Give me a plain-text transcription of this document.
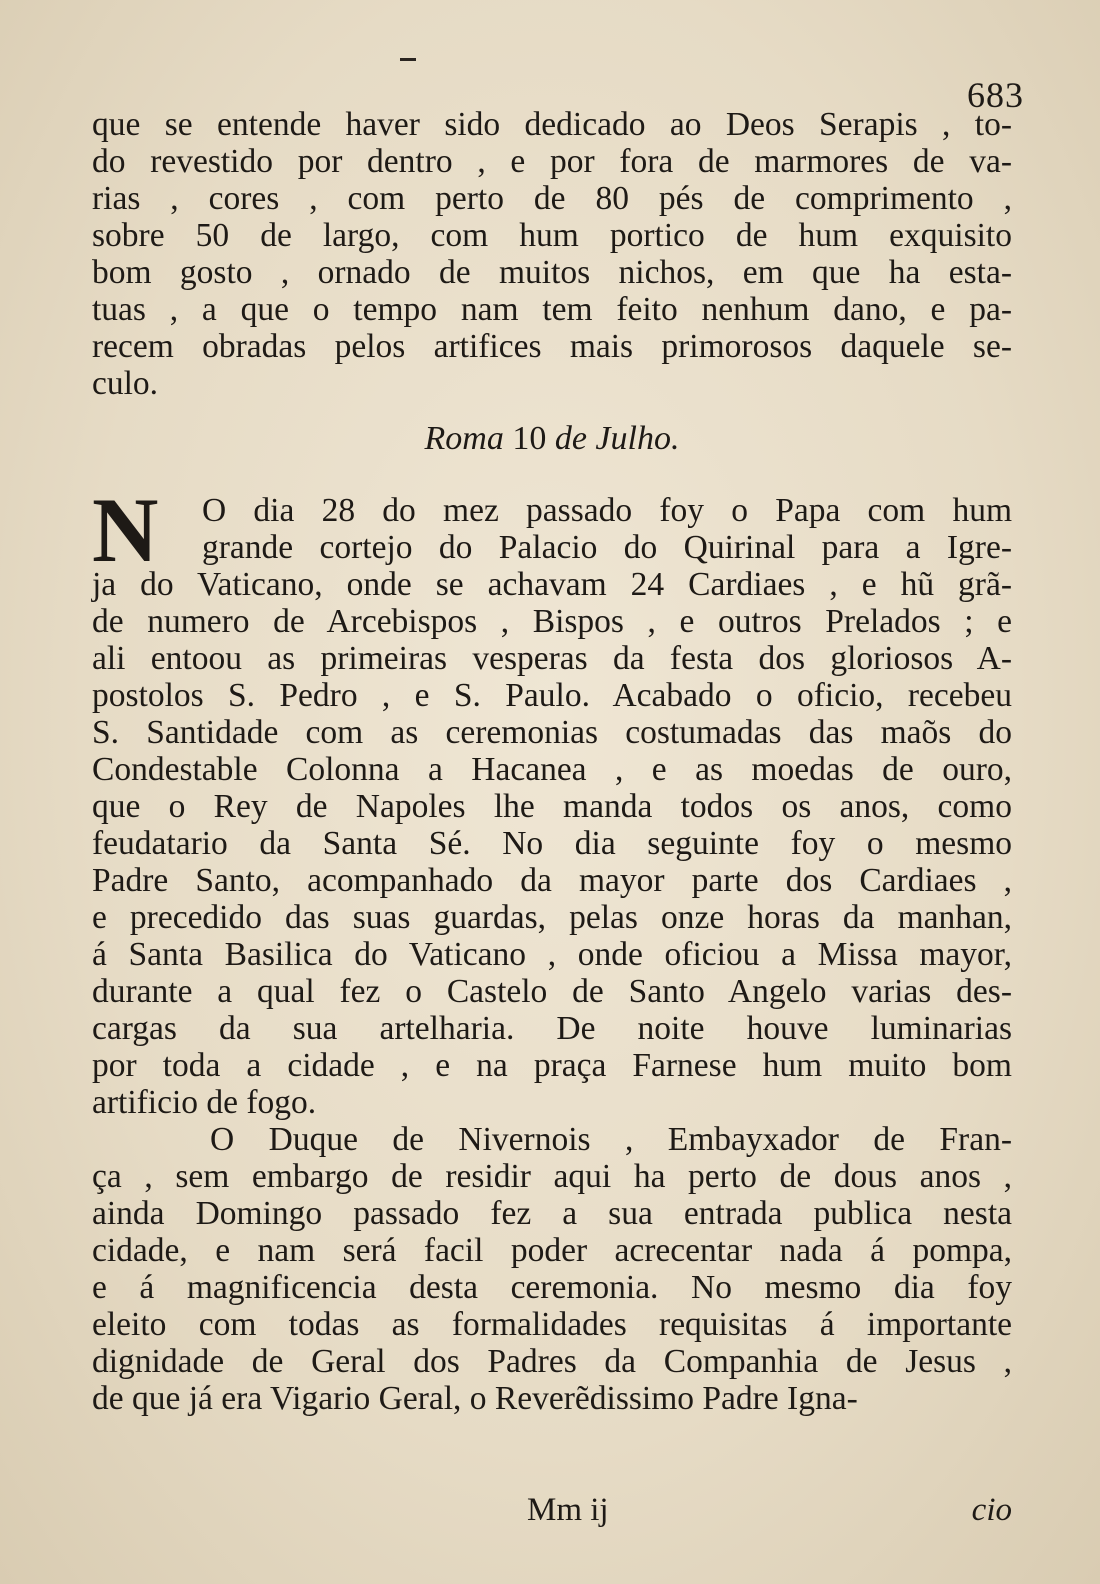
683
que se entende haver sido dedicado ao Deos Serapis , to-
do revestido por dentro , e por fora de marmores de va-
rias , cores , com perto de 80 pés de comprimento ,
sobre 50 de largo, com hum portico de hum exquisito
bom gosto , ornado de muitos nichos, em que ha esta-
tuas , a que o tempo nam tem feito nenhum dano, e pa-
recem obradas pelos artifices mais primorosos daquele se-
culo.
Roma 10 de Julho.
N	O dia 28 do mez passado foy o Papa com hum
grande cortejo do Palacio do Quirinal para a Igre-
ja do Vaticano, onde se achavam 24 Cardiaes , e hũ grã-
de numero de Arcebispos , Bispos , e outros Prelados ; e
ali entoou as primeiras vesperas da festa dos gloriosos A-
postolos S. Pedro , e S. Paulo. Acabado o oficio, recebeu
S. Santidade com as ceremonias costumadas das maõs do
Condestable Colonna a Hacanea , e as moedas de ouro,
que o Rey de Napoles lhe manda todos os anos, como
feudatario da Santa Sé. No dia seguinte foy o mesmo
Padre Santo, acompanhado da mayor parte dos Cardiaes ,
e precedido das suas guardas, pelas onze horas da manhan,
á Santa Basilica do Vaticano , onde oficiou a Missa mayor,
durante a qual fez o Castelo de Santo Angelo varias des-
cargas da sua artelharia. De noite houve luminarias
por toda a cidade , e na praça Farnese hum muito bom
artificio de fogo.
O Duque de Nivernois , Embayxador de Fran-
ça , sem embargo de residir aqui ha perto de dous anos ,
ainda Domingo passado fez a sua entrada publica nesta
cidade, e nam será facil poder acrecentar nada á pompa,
e á magnificencia desta ceremonia. No mesmo dia foy
eleito com todas as formalidades requisitas á importante
dignidade de Geral dos Padres da Companhia de Jesus ,
de que já era Vigario Geral, o Reverẽdissimo Padre Igna-
Mm ij	cio
